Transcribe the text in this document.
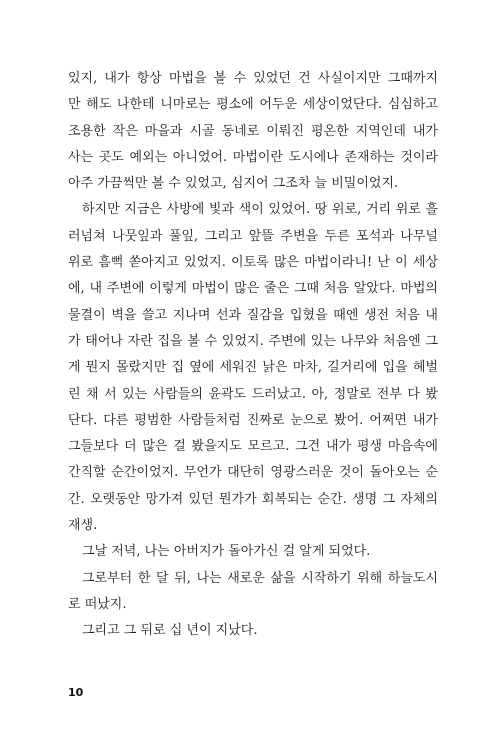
있지, 내가 항상 마법을 볼 수 있었던 건 사실이지만 그때까지
만 해도 나한테 니마로는 평소에 어두운 세상이었단다. 심심하고
조용한 작은 마을과 시골 동네로 이뤄진 평온한 지역인데 내가
사는 곳도 예외는 아니었어. 마법이란 도시에나 존재하는 것이라
아주 가끔씩만 볼 수 있었고, 심지어 그조차 늘 비밀이었지.
하지만 지금은 사방에 빛과 색이 있었어. 땅 위로, 거리 위로 흘
러넘쳐 나뭇잎과 풀잎, 그리고 앞뜰 주변을 두른 포석과 나무널
위로 흠뻑 쏟아지고 있었지. 이토록 많은 마법이라니! 난 이 세상
에, 내 주변에 이렇게 마법이 많은 줄은 그때 처음 알았다. 마법의
물결이 벽을 쓸고 지나며 선과 질감을 입혔을 때엔 생전 처음 내
가 태어나 자란 집을 볼 수 있었지. 주변에 있는 나무와 처음엔 그
게 뭔지 몰랐지만 집 옆에 세워진 낡은 마차, 길거리에 입을 헤벌
린 채 서 있는 사람들의 윤곽도 드러났고. 아, 정말로 전부 다 봤
단다. 다른 평범한 사람들처럼 진짜로 눈으로 봤어. 어쩌면 내가
그들보다 더 많은 걸 봤을지도 모르고. 그건 내가 평생 마음속에
간직할 순간이었지. 무언가 대단히 영광스러운 것이 돌아오는 순
간. 오랫동안 망가져 있던 뭔가가 회복되는 순간. 생명 그 자체의
재생.
그날 저녁, 나는 아버지가 돌아가신 걸 알게 되었다.
그로부터 한 달 뒤, 나는 새로운 삶을 시작하기 위해 하늘도시
로 떠났지.
그리고 그 뒤로 십 년이 지났다.
10
